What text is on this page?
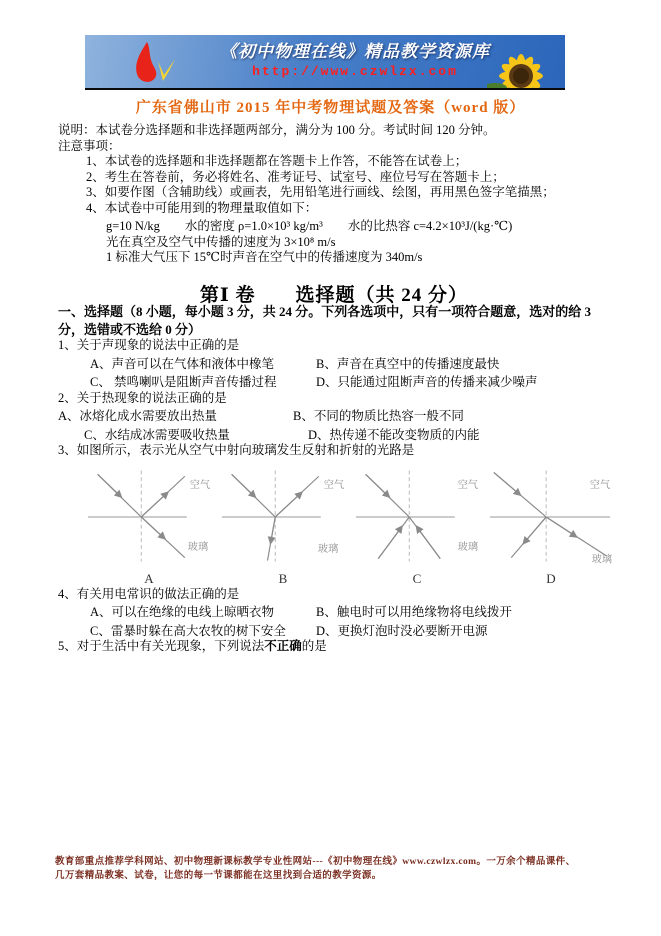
《初中物理在线》精品教学资源库
http://www.czwlzx.com
广东省佛山市 2015 年中考物理试题及答案（word 版）

说明：本试卷分选择题和非选择题两部分，满分为 100 分。考试时间 120 分钟。

注意事项：

1、本试卷的选择题和非选择题都在答题卡上作答，不能答在试卷上；

2、考生在答卷前，务必将姓名、准考证号、试室号、座位号写在答题卡上；

3、如要作图（含辅助线）或画表，先用铅笔进行画线、绘图，再用黑色签字笔描黑；

4、本试卷中可能用到的物理量取值如下：

g=10 N/kg　　水的密度 ρ=1.0×10³ kg/m³　　水的比热容 c=4.2×10³J/(kg·℃)

光在真空及空气中传播的速度为 3×10⁸ m/s

1 标准大气压下 15℃时声音在空气中的传播速度为 340m/s

第Ⅰ 卷　　选择题（共 24 分）

一、选择题（8 小题，每小题 3 分，共 24 分。下列各选项中，只有一项符合题意，选对的给 3 分，选错或不选给 0 分）

1、关于声现象的说法中正确的是

A、声音可以在气体和液体中橡笔	B、声音在真空中的传播速度最快
C、 禁鸣喇叭是阻断声音传播过程	D、只能通过阻断声音的传播来减少噪声

2、关于热现象的说法正确的是

A、冰熔化成水需要放出热量	B、不同的物质比热容一般不同
C、水结成冰需要吸收热量	D、热传递不能改变物质的内能

3、如图所示，表示光从空气中射向玻璃发生反射和折射的光路是

空气
玻璃
A
空气
玻璃
B
空气
玻璃
C
空气
玻璃
D

4、有关用电常识的做法正确的是

A、可以在绝缘的电线上晾晒衣物	B、触电时可以用绝缘物将电线拨开
C、雷暴时躲在高大农牧的树下安全	D、更换灯泡时没必要断开电源

5、对于生活中有关光现象，下列说法不正确的是

教育部重点推荐学科网站、初中物理新课标教学专业性网站---《初中物理在线》www.czwlzx.com。一万余个精品课件、

几万套精品教案、试卷，让您的每一节课都能在这里找到合适的教学资源。
